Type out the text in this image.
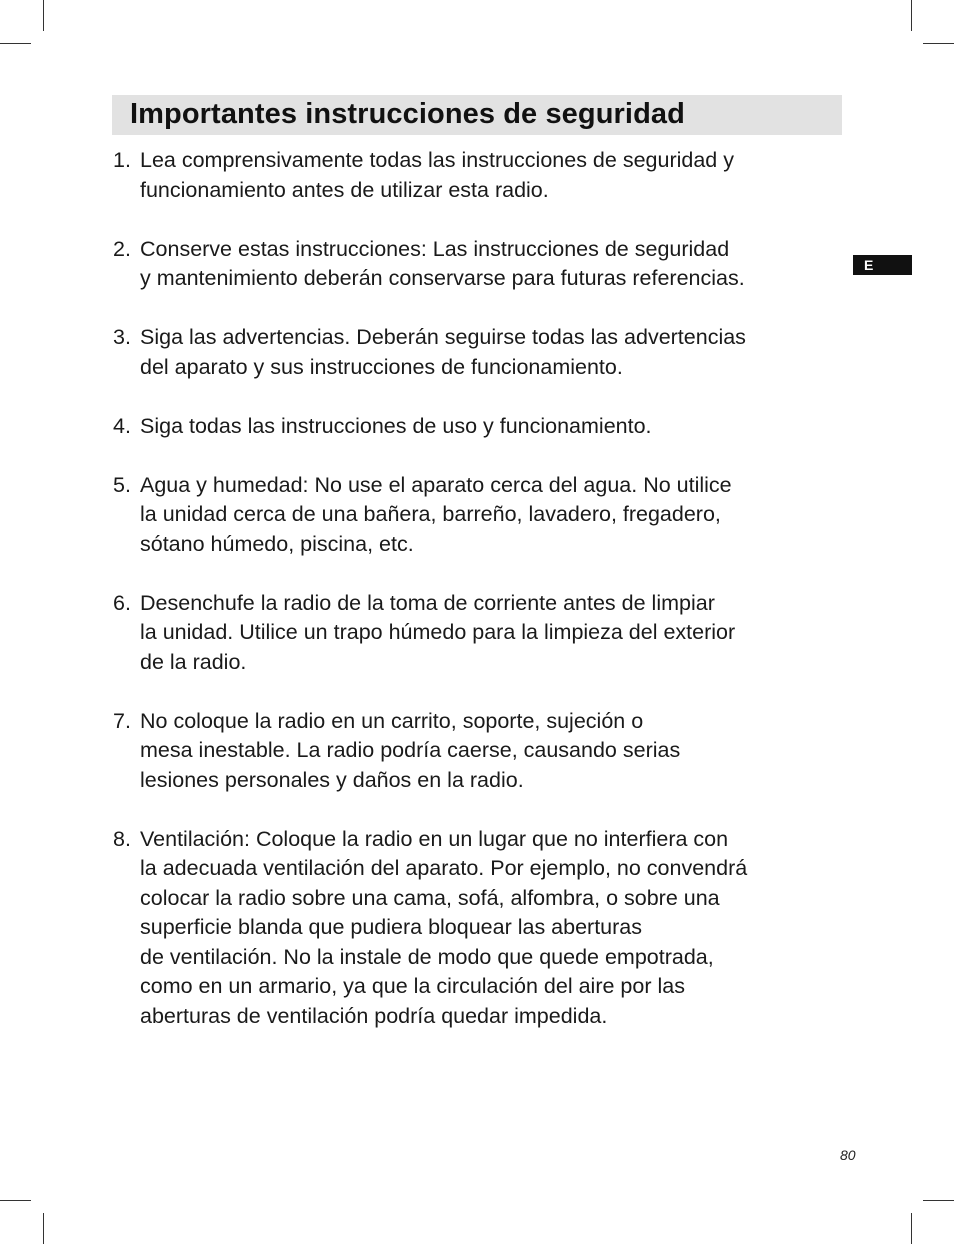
Importantes instrucciones de seguridad
E
1. Lea comprensivamente todas las instrucciones de seguridad y
funcionamiento antes de utilizar esta radio.
2. Conserve estas instrucciones: Las instrucciones de seguridad
y mantenimiento deberán conservarse para futuras referencias.
3. Siga las advertencias. Deberán seguirse todas las advertencias
del aparato y sus instrucciones de funcionamiento.
4. Siga todas las instrucciones de uso y funcionamiento.
5. Agua y humedad: No use el aparato cerca del agua. No utilice
la unidad cerca de una bañera, barreño, lavadero, fregadero,
sótano húmedo, piscina, etc.
6. Desenchufe la radio de la toma de corriente antes de limpiar
la unidad. Utilice un trapo húmedo para la limpieza del exterior
de la radio.
7. No coloque la radio en un carrito, soporte, sujeción o
mesa inestable. La radio podría caerse, causando serias
lesiones personales y daños en la radio.
8. Ventilación: Coloque la radio en un lugar que no interfiera con
la adecuada ventilación del aparato. Por ejemplo, no convendrá
colocar la radio sobre una cama, sofá, alfombra, o sobre una
superficie blanda que pudiera bloquear las aberturas
de ventilación. No la instale de modo que quede empotrada,
como en un armario, ya que la circulación del aire por las
aberturas de ventilación podría quedar impedida.
80
